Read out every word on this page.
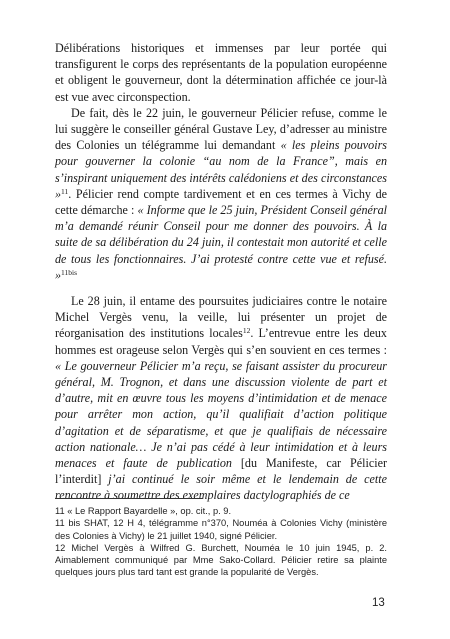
Délibérations historiques et immenses par leur portée qui transfigurent le corps des représentants de la population européenne et obligent le gouverneur, dont la détermination affichée ce jour-là est vue avec circonspection.

De fait, dès le 22 juin, le gouverneur Pélicier refuse, comme le lui suggère le conseiller général Gustave Ley, d’adresser au ministre des Colonies un télégramme lui demandant « les pleins pouvoirs pour gouverner la colonie “au nom de la France”, mais en s’inspirant uniquement des intérêts calédoniens et des circonstances »$^{11}$. Pélicier rend compte tardivement et en ces termes à Vichy de cette démarche : « Informe que le 25 juin, Président Conseil général m’a demandé réunir Conseil pour me donner des pouvoirs. À la suite de sa délibération du 24 juin, il contestait mon autorité et celle de tous les fonctionnaires. J’ai protesté contre cette vue et refusé. »$^{11bis}$

Le 28 juin, il entame des poursuites judiciaires contre le notaire Michel Vergès venu, la veille, lui présenter un projet de réorganisation des institutions locales$^{12}$. L’entrevue entre les deux hommes est orageuse selon Vergès qui s’en souvient en ces termes : « Le gouverneur Pélicier m’a reçu, se faisant assister du procureur général, M. Trognon, et dans une discussion violente de part et d’autre, mit en œuvre tous les moyens d’intimidation et de menace pour arrêter mon action, qu’il qualifiait d’action politique d’agitation et de séparatisme, et que je qualifiais de nécessaire action nationale… Je n’ai pas cédé à leur intimidation et à leurs menaces et faute de publication [du Manifeste, car Pélicier l’interdit] j’ai continué le soir même et le lendemain de cette rencontre à soumettre des exemplaires dactylographiés de ce

11 « Le Rapport Bayardelle », op. cit., p. 9.

11 bis SHAT, 12 H 4, télégramme n°370, Nouméa à Colonies Vichy (ministère des Colonies à Vichy) le 21 juillet 1940, signé Pélicier.

12 Michel Vergès à Wilfred G. Burchett, Nouméa le 10 juin 1945, p. 2. Aimablement communiqué par Mme Sako-Collard. Pélicier retire sa plainte quelques jours plus tard tant est grande la popularité de Vergès.

13
